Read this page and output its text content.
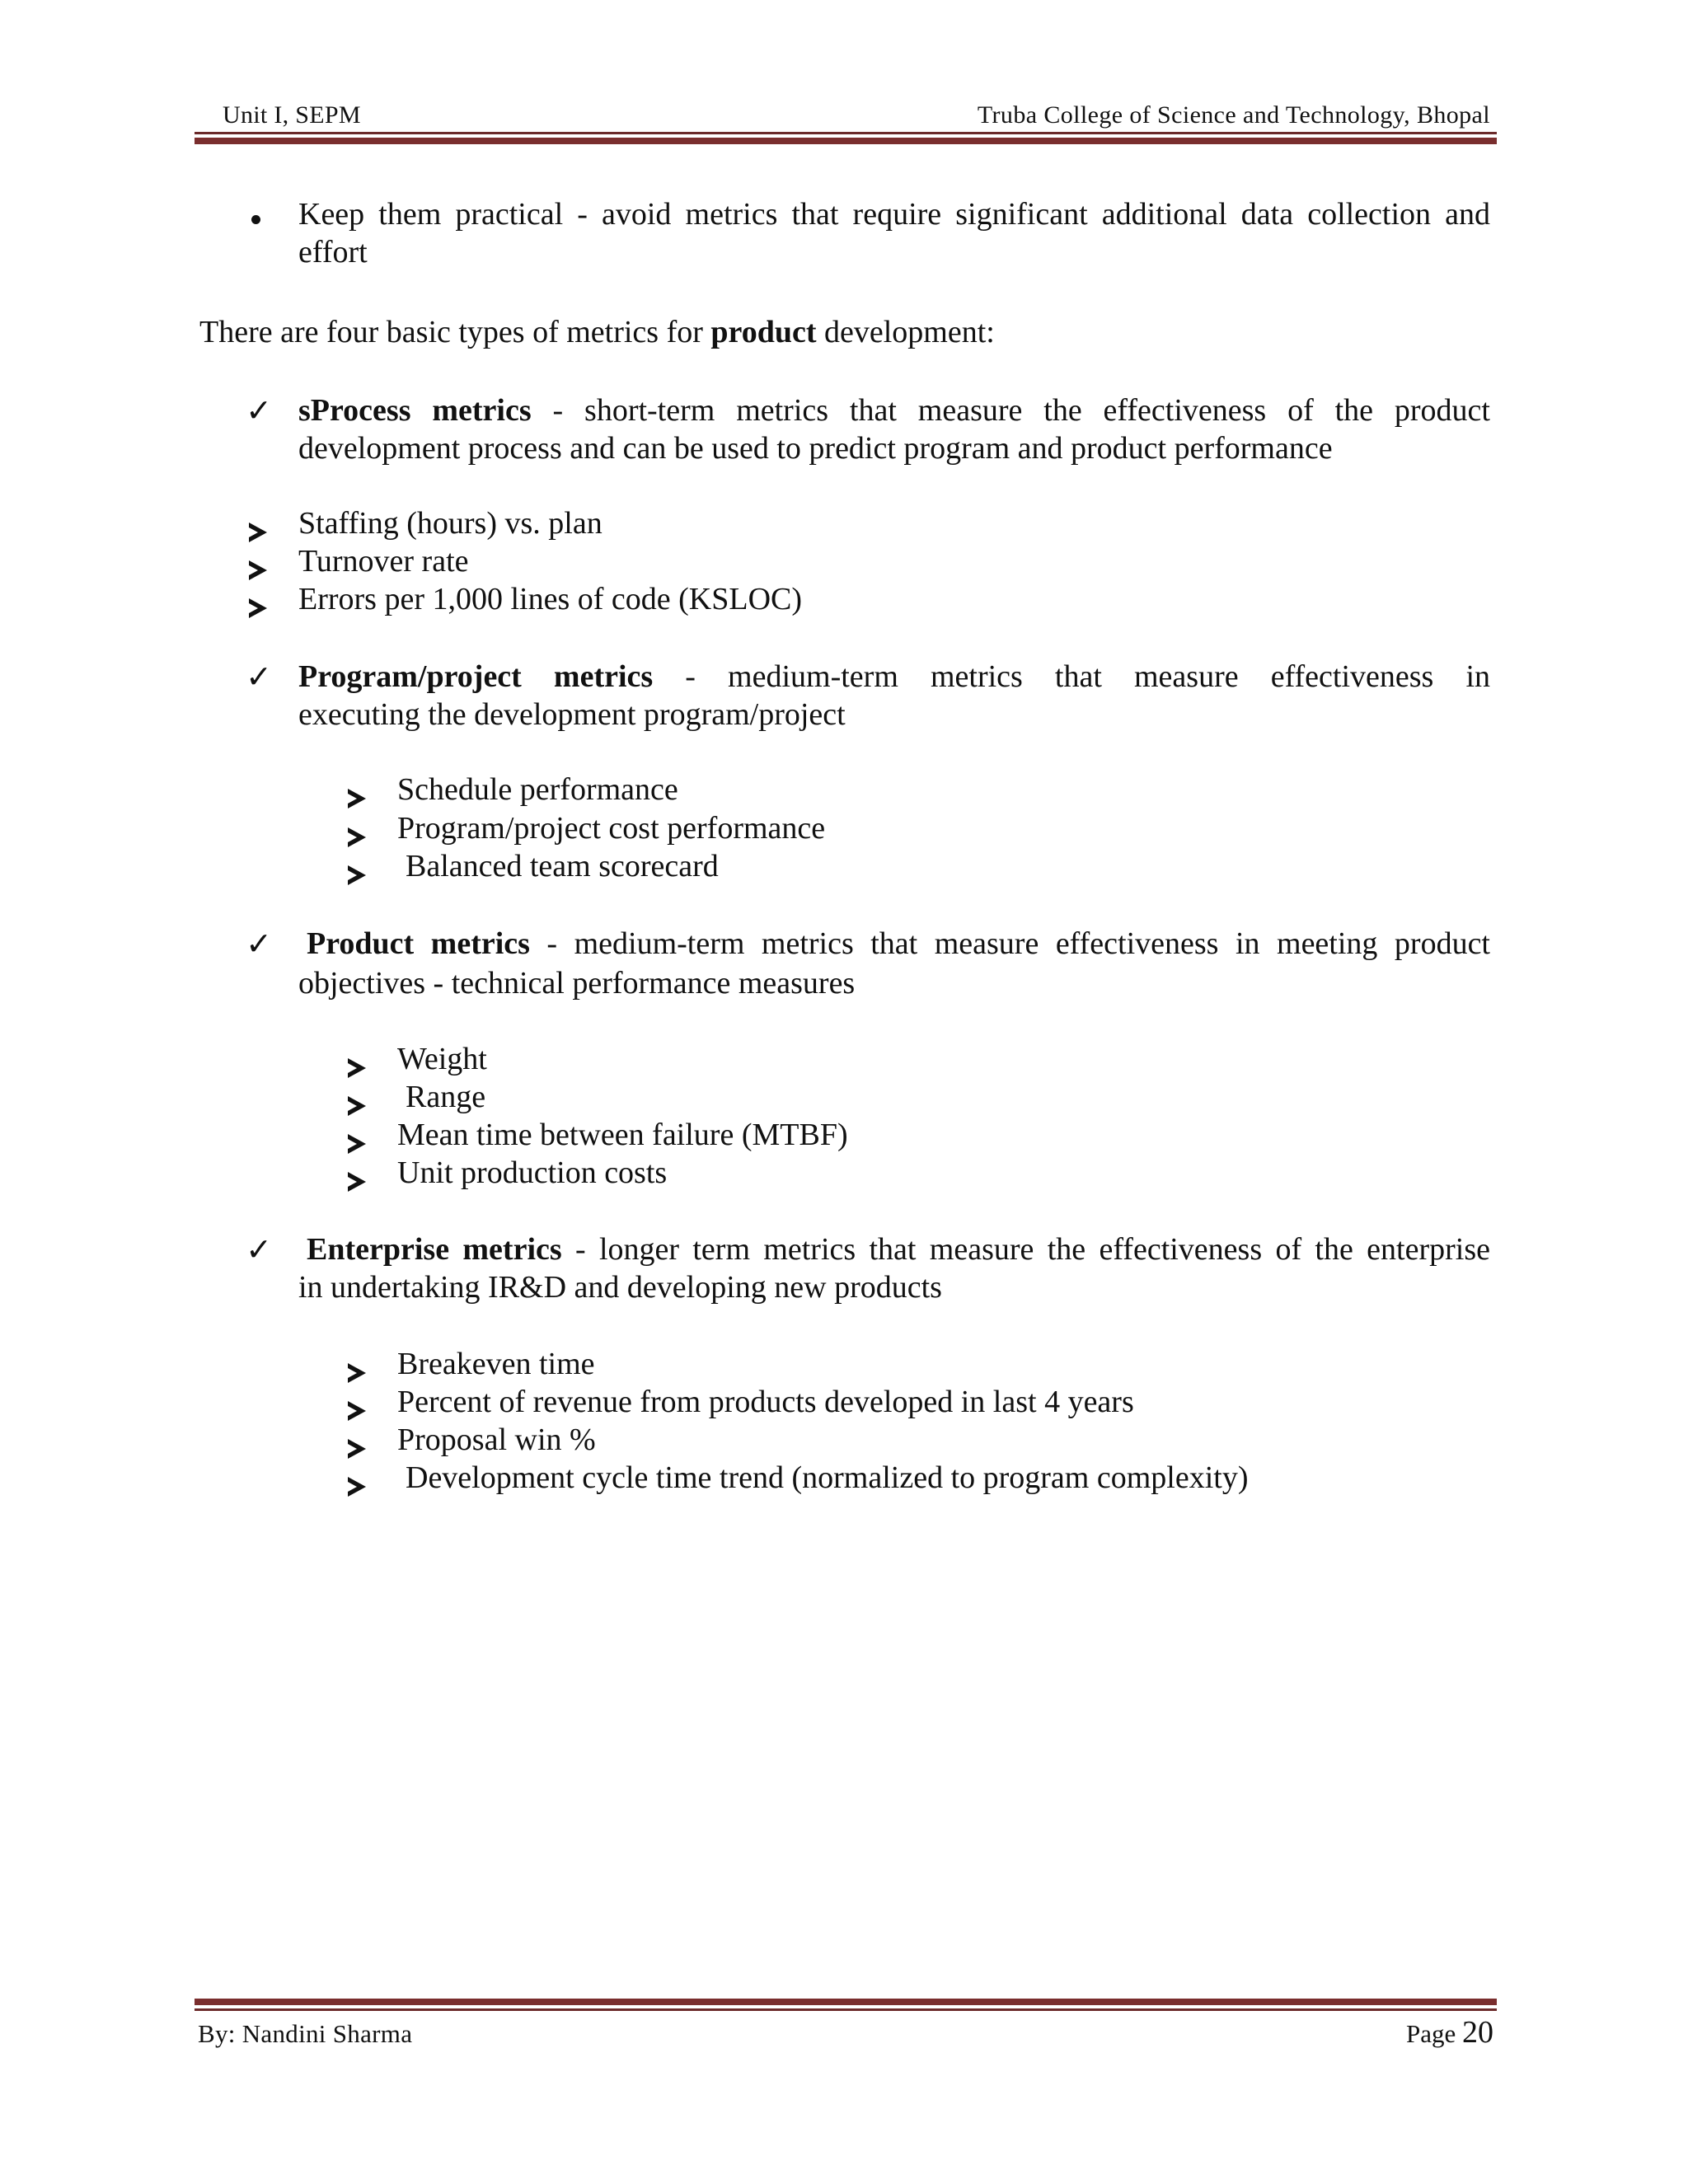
Unit I, SEPM	Truba College of Science and Technology, Bhopal
Keep them practical - avoid metrics that require significant additional data collection and
effort
There are four basic types of metrics for product development:
✓ sProcess metrics - short-term metrics that measure the effectiveness of the product
development process and can be used to predict program and product performance
Staffing (hours) vs. plan
Turnover rate
Errors per 1,000 lines of code (KSLOC)
✓ Program/project metrics - medium-term metrics that measure effectiveness in
executing the development program/project
Schedule performance
Program/project cost performance
Balanced team scorecard
✓ Product metrics - medium-term metrics that measure effectiveness in meeting product
objectives - technical performance measures
Weight
Range
Mean time between failure (MTBF)
Unit production costs
✓ Enterprise metrics - longer term metrics that measure the effectiveness of the enterprise
in undertaking IR&D and developing new products
Breakeven time
Percent of revenue from products developed in last 4 years
Proposal win %
Development cycle time trend (normalized to program complexity)
By: Nandini Sharma	Page 20
